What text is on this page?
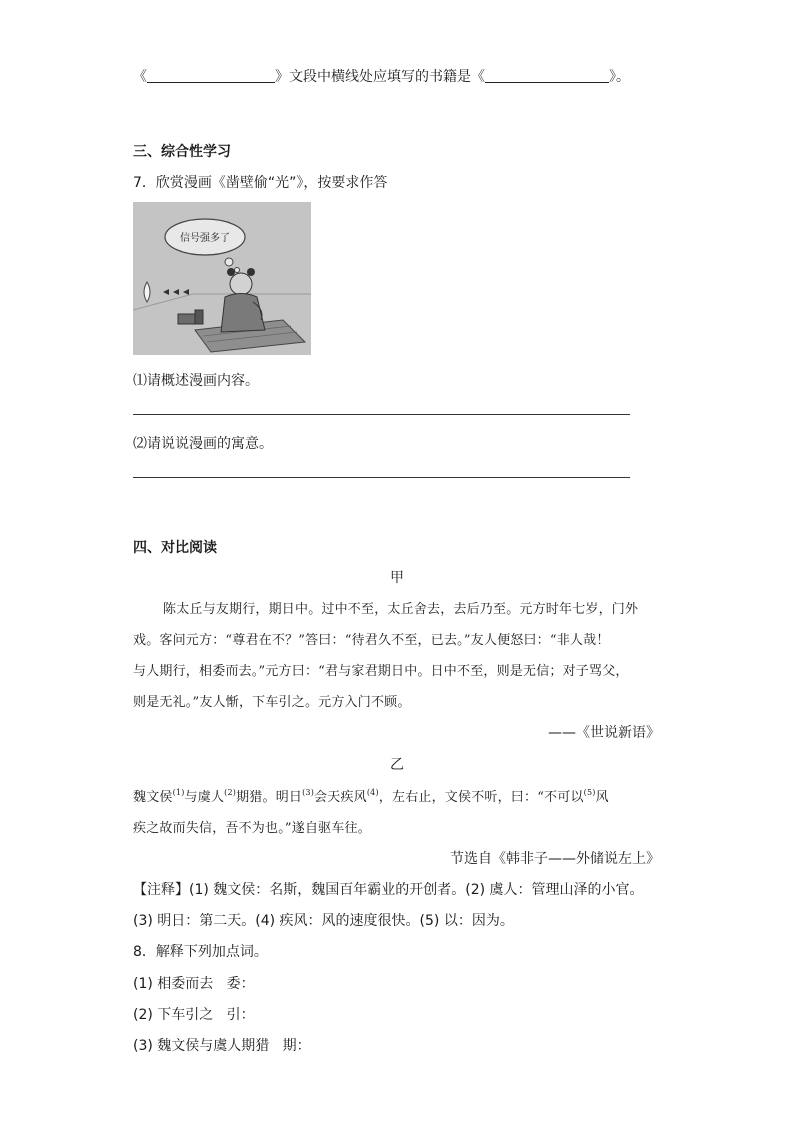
《	》文段中横线处应填写的书籍是《	》。
三、综合性学习
7．欣赏漫画《凿壁偷“光”》，按要求作答
信号强多了
⑴请概述漫画内容。
⑵请说说漫画的寓意。
四、对比阅读
甲
陈太丘与友期行，期日中。过中不至，太丘舍去，去后乃至。元方时年七岁，门外
戏。客问元方：“尊君在不？”答曰：“待君久不至，已去。”友人便怒曰：“非人哉！
与人期行，相委而去。”元方曰：“君与家君期日中。日中不至，则是无信；对子骂父，
则是无礼。”友人惭，下车引之。元方入门不顾。
——《世说新语》
乙
魏文侯$^{(1)}$与虞人$^{(2)}$期猎。明日$^{(3)}$会天疾风$^{(4)}$，左右止，文侯不听，曰：“不可以$^{(5)}$风
疾之故而失信，吾不为也。”遂自驱车往。
节选自《韩非子——外储说左上》
【注释】(1) 魏文侯：名斯，魏国百年霸业的开创者。(2) 虞人：管理山泽的小官。
(3) 明日：第二天。(4) 疾风：风的速度很快。(5) 以：因为。
8．解释下列加点词。
(1) 相委而去   委：
(2) 下车引之   引：
(3) 魏文侯与虞人期猎   期：
